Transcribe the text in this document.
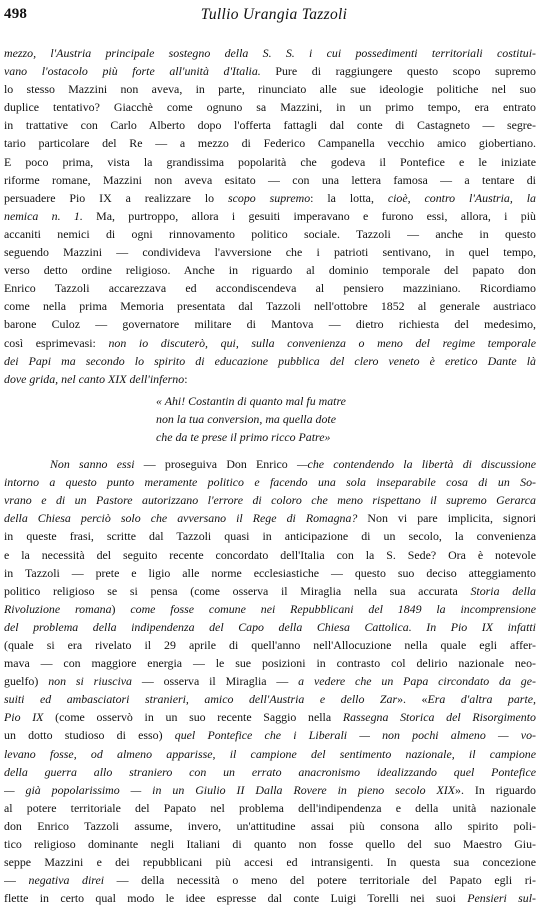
498	Tullio Urangia Tazzoli
mezzo, l'Austria principale sostegno della S. S. i cui possedimenti territoriali costitui-
vano l'ostacolo più forte all'unità d'Italia. Pure di raggiungere questo scopo supremo
lo stesso Mazzini non aveva, in parte, rinunciato alle sue ideologie politiche nel suo
duplice tentativo? Giacchè come ognuno sa Mazzini, in un primo tempo, era entrato
in trattative con Carlo Alberto dopo l'offerta fattagli dal conte di Castagneto — segre-
tario particolare del Re — a mezzo di Federico Campanella vecchio amico giobertiano.
E poco prima, vista la grandissima popolarità che godeva il Pontefice e le iniziate
riforme romane, Mazzini non aveva esitato — con una lettera famosa — a tentare di
persuadere Pio IX a realizzare lo scopo supremo: la lotta, cioè, contro l'Austria, la
nemica n. 1. Ma, purtroppo, allora i gesuiti imperavano e furono essi, allora, i più
accaniti nemici di ogni rinnovamento politico sociale. Tazzoli — anche in questo
seguendo Mazzini — condivideva l'avversione che i patrioti sentivano, in quel tempo,
verso detto ordine religioso. Anche in riguardo al dominio temporale del papato don
Enrico Tazzoli accarezzava ed accondiscendeva al pensiero mazziniano. Ricordiamo
come nella prima Memoria presentata dal Tazzoli nell'ottobre 1852 al generale austriaco
barone Culoz — governatore militare di Mantova — dietro richiesta del medesimo,
così esprimevasi: non io discuterò, qui, sulla convenienza o meno del regime temporale
dei Papi ma secondo lo spirito di educazione pubblica del clero veneto è eretico Dante là
dove grida, nel canto XIX dell'inferno:
« Ahi! Costantin di quanto mal fu matre
non la tua conversion, ma quella dote
che da te prese il primo ricco Patre»
Non sanno essi — proseguiva Don Enrico —che contendendo la libertà di discussione
intorno a questo punto meramente politico e facendo una sola inseparabile cosa di un So-
vrano e di un Pastore autorizzano l'errore di coloro che meno rispettano il supremo Gerarca
della Chiesa perciò solo che avversano il Rege di Romagna? Non vi pare implicita, signori
in queste frasi, scritte dal Tazzoli quasi in anticipazione di un secolo, la convenienza
e la necessità del seguito recente concordato dell'Italia con la S. Sede? Ora è notevole
in Tazzoli — prete e ligio alle norme ecclesiastiche — questo suo deciso atteggiamento
politico religioso se si pensa (come osserva il Miraglia nella sua accurata Storia della
Rivoluzione romana) come fosse comune nei Repubblicani del 1849 la incomprensione
del problema della indipendenza del Capo della Chiesa Cattolica. In Pio IX infatti
(quale si era rivelato il 29 aprile di quell'anno nell'Allocuzione nella quale egli affer-
mava — con maggiore energia — le sue posizioni in contrasto col delirio nazionale neo-
guelfo) non si riusciva — osserva il Miraglia — a vedere che un Papa circondato da ge-
suiti ed ambasciatori stranieri, amico dell'Austria e dello Zar». «Era d'altra parte,
Pio IX (come osservò in un suo recente Saggio nella Rassegna Storica del Risorgimento
un dotto studioso di esso) quel Pontefice che i Liberali — non pochi almeno — vo-
levano fosse, od almeno apparisse, il campione del sentimento nazionale, il campione
della guerra allo straniero con un errato anacronismo idealizzando quel Pontefice
— già popolarissimo — in un Giulio II Dalla Rovere in pieno secolo XIX». In riguardo
al potere territoriale del Papato nel problema dell'indipendenza e della unità nazionale
don Enrico Tazzoli assume, invero, un'attitudine assai più consona allo spirito poli-
tico religioso dominante negli Italiani di quanto non fosse quello del suo Maestro Giu-
seppe Mazzini e dei repubblicani più accesi ed intransigenti. In questa sua concezione
— negativa direi — della necessità o meno del potere territoriale del Papato egli ri-
flette in certo qual modo le idee espresse dal conte Luigi Torelli nei suoi Pensieri sul-
